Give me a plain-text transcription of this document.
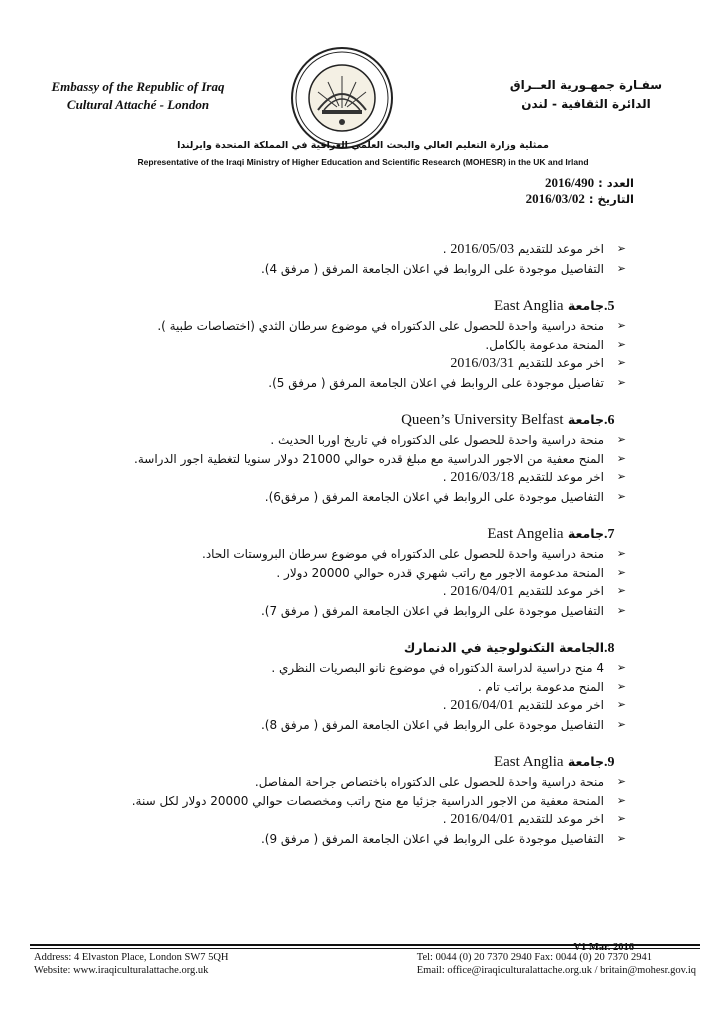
Embassy of the Republic of Iraq
Cultural Attaché - London
سفـارة جمهـورية العــراق
الدائرة الثقافية - لندن
ممثلية وزارة التعليم العالي والبحث العلمي العراقية في المملكة المتحدة وايرلندا
Representative of the Iraqi Ministry of Higher Education and Scientific Research (MOHESR) in the UK and Irland
العدد : 2016/490
التاريخ : 2016/03/02
➢
اخر موعد للتقديم 2016/05/03 .
➢
التفاصيل موجودة على الروابط في اعلان الجامعة المرفق ( مرفق 4).
5.جامعة East Anglia
➢
منحة دراسية واحدة للحصول على الدكتوراه في موضوع سرطان الثدي (اختصاصات طبية ).
➢
المنحة مدعومة بالكامل.
➢
اخر موعد للتقديم 2016/03/31
➢
تفاصيل موجودة على الروابط في اعلان الجامعة المرفق ( مرفق 5).
6.جامعة Queen’s University Belfast
➢
منحة دراسية واحدة للحصول على الدكتوراه في تاريخ اوربا الحديث .
➢
المنح معفية من الاجور الدراسية مع مبلغ قدره حوالي 21000 دولار سنويا لتغطية اجور الدراسة.
➢
اخر موعد للتقديم 2016/03/18 .
➢
التفاصيل موجودة على الروابط في اعلان الجامعة المرفق ( مرفق6).
7.جامعة East Angelia
➢
منحة دراسية واحدة للحصول على الدكتوراه في موضوع سرطان البروستات الحاد.
➢
المنحة مدعومة الاجور مع راتب شهري قدره حوالي 20000 دولار .
➢
اخر موعد للتقديم 2016/04/01 .
➢
التفاصيل موجودة على الروابط في اعلان الجامعة المرفق ( مرفق 7).
8.الجامعة التكنولوجية في الدنمارك
➢
4 منح دراسية لدراسة الدكتوراه في موضوع نانو البصريات النظري .
➢
المنح مدعومة براتب تام .
➢
اخر موعد للتقديم 2016/04/01 .
➢
التفاصيل موجودة على الروابط في اعلان الجامعة المرفق ( مرفق 8).
9.جامعة East Anglia
➢
منحة دراسية واحدة للحصول على الدكتوراه باختصاص جراحة المفاصل.
➢
المنحة معفية من الاجور الدراسية جزئيا مع منح راتب ومخصصات حوالي 20000 دولار لكل سنة.
➢
اخر موعد للتقديم 2016/04/01 .
➢
التفاصيل موجودة على الروابط في اعلان الجامعة المرفق ( مرفق 9).
Address: 4 Elvaston Place, London SW7 5QH
Website: www.iraqiculturalattache.org.uk
Tel: 0044 (0) 20 7370 2940 Fax: 0044 (0) 20 7370 2941
Email: office@iraqiculturalattache.org.uk / britain@mohesr.gov.iq
